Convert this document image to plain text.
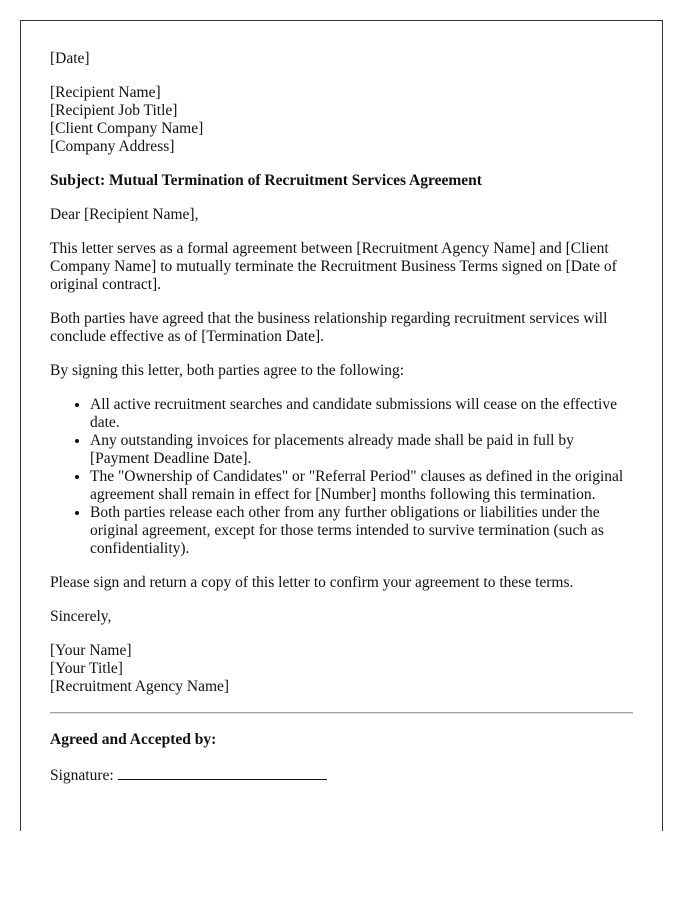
[Date]

[Recipient Name]

[Recipient Job Title]

[Client Company Name]

[Company Address]

Subject: Mutual Termination of Recruitment Services Agreement

Dear [Recipient Name],

This letter serves as a formal agreement between [Recruitment Agency Name] and [Client Company Name] to mutually terminate the Recruitment Business Terms signed on [Date of original contract].

Both parties have agreed that the business relationship regarding recruitment services will conclude effective as of [Termination Date].

By signing this letter, both parties agree to the following:

• All active recruitment searches and candidate submissions will cease on the effective date.
• Any outstanding invoices for placements already made shall be paid in full by [Payment Deadline Date].
• The "Ownership of Candidates" or "Referral Period" clauses as defined in the original agreement shall remain in effect for [Number] months following this termination.
• Both parties release each other from any further obligations or liabilities under the original agreement, except for those terms intended to survive termination (such as confidentiality).

Please sign and return a copy of this letter to confirm your agreement to these terms.

Sincerely,

[Your Name]

[Your Title]

[Recruitment Agency Name]

Agreed and Accepted by:

Signature:
